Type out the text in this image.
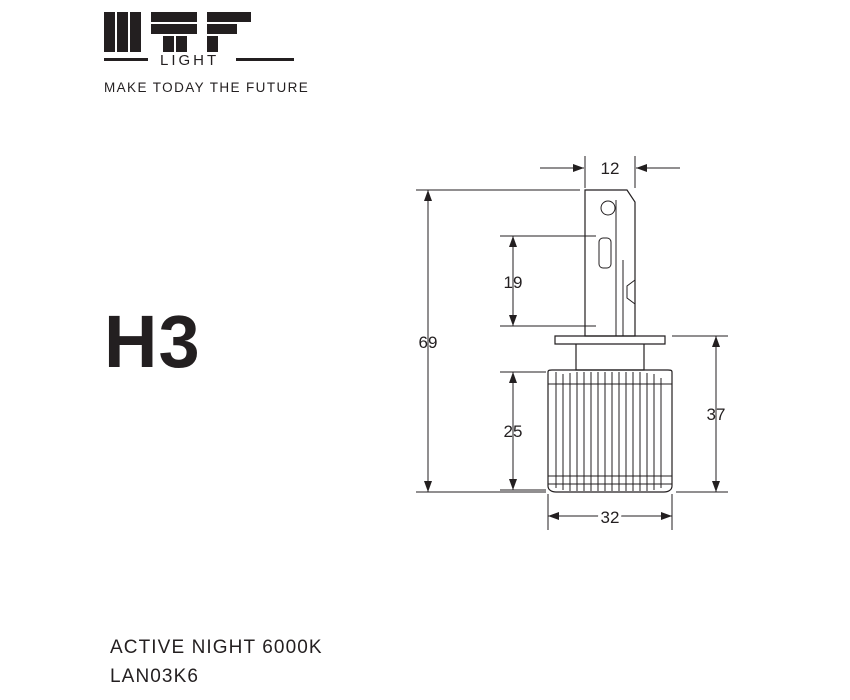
LIGHT
MAKE TODAY THE FUTURE
H3
ACTIVE NIGHT 6000K
LAN03K6
12
19
69
25
37
32
